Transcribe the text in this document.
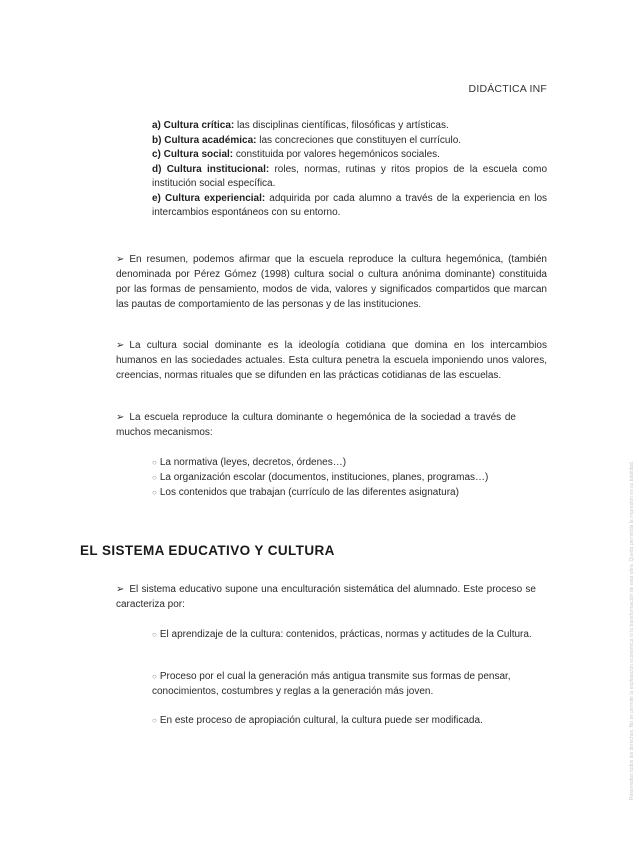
DIDÁCTICA INF

a) Cultura crítica: las disciplinas científicas, filosóficas y artísticas.

b) Cultura académica: las concreciones que constituyen el currículo.

c) Cultura social: constituida por valores hegemónicos sociales.

d) Cultura institucional: roles, normas, rutinas y ritos propios de la escuela como institución social específica.

e) Cultura experiencial: adquirida por cada alumno a través de la experiencia en los intercambios espontáneos con su entorno.

➢ En resumen, podemos afirmar que la escuela reproduce la cultura hegemónica, (también denominada por Pérez Gómez (1998) cultura social o cultura anónima dominante) constituida por las formas de pensamiento, modos de vida, valores y significados compartidos que marcan las pautas de comportamiento de las personas y de las instituciones.

➢ La cultura social dominante es la ideología cotidiana que domina en los intercambios humanos en las sociedades actuales. Esta cultura penetra la escuela imponiendo unos valores, creencias, normas rituales que se difunden en las prácticas cotidianas de las escuelas.

➢ La escuela reproduce la cultura dominante o hegemónica de la sociedad a través de muchos mecanismos:

○ La normativa (leyes, decretos, órdenes…)

○ La organización escolar (documentos, instituciones, planes, programas…)

○ Los contenidos que trabajan (currículo de las diferentes asignatura)

EL SISTEMA EDUCATIVO Y CULTURA

➢ El sistema educativo supone una enculturación sistemática del alumnado. Este proceso se caracteriza por:

○ El aprendizaje de la cultura: contenidos, prácticas, normas y actitudes de la Cultura.

○ Proceso por el cual la generación más antigua transmite sus formas de pensar, conocimientos, costumbres y reglas a la generación más joven.

○ En este proceso de apropiación cultural, la cultura puede ser modificada.	Reservados todos los derechos. No se permite la explotación económica ni la transformación de esta obra. Queda permitida la impresión en su totalidad.
